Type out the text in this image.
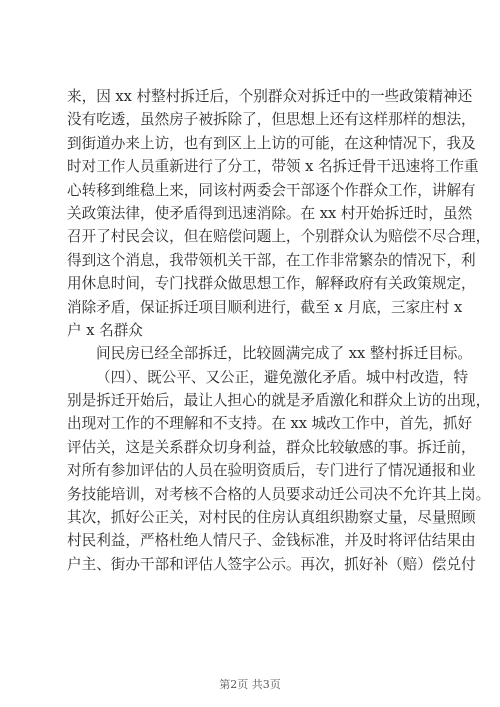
来，因 xx 村整村拆迁后，个别群众对拆迁中的一些政策精神还
没有吃透，虽然房子被拆除了，但思想上还有这样那样的想法，
到街道办来上访，也有到区上上访的可能，在这种情况下，我及
时对工作人员重新进行了分工，带领 x 名拆迁骨干迅速将工作重
心转移到维稳上来，同该村两委会干部逐个作群众工作，讲解有
关政策法律，使矛盾得到迅速消除。在 xx 村开始拆迁时，虽然
召开了村民会议，但在赔偿问题上，个别群众认为赔偿不尽合理，
得到这个消息，我带领机关干部，在工作非常繁杂的情况下，利
用休息时间，专门找群众做思想工作，解释政府有关政策规定，
消除矛盾，保证拆迁项目顺利进行，截至 x 月底，三家庄村 x
户 x 名群众
间民房已经全部拆迁，比较圆满完成了 xx 整村拆迁目标。
（四）、既公平、又公正，避免激化矛盾。城中村改造，特
别是拆迁开始后，最让人担心的就是矛盾激化和群众上访的出现，
出现对工作的不理解和不支持。在 xx 城改工作中，首先，抓好
评估关，这是关系群众切身利益，群众比较敏感的事。拆迁前，
对所有参加评估的人员在验明资质后，专门进行了情况通报和业
务技能培训，对考核不合格的人员要求动迁公司决不允许其上岗。
其次，抓好公正关，对村民的住房认真组织勘察丈量，尽量照顾
村民利益，严格杜绝人情尺子、金钱标准，并及时将评估结果由
户主、街办干部和评估人签字公示。再次，抓好补（赔）偿兑付
第2页 共3页
